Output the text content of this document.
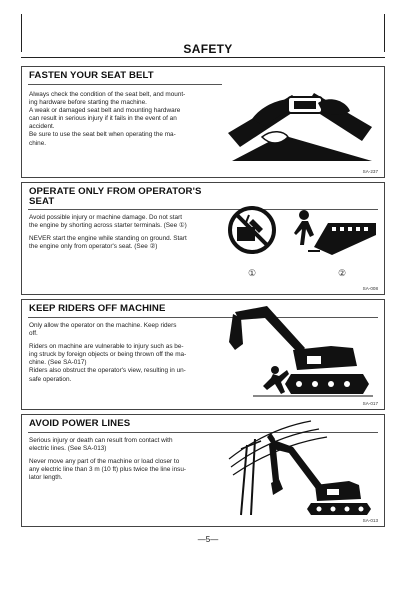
SAFETY
FASTEN YOUR SEAT BELT
Always check the condition of the seat belt, and mount-
ing hardware before starting the machine.
A weak or damaged seat belt and mounting hardware
can result in serious injury if it fails in the event of an
accident.
Be sure to use the seat belt when operating the ma-
chine.
SA-237
OPERATE ONLY FROM OPERATOR'S
SEAT
Avoid possible injury or machine damage. Do not start
the engine by shorting across starter terminals. (See ①)
NEVER start the engine while standing on ground. Start
the engine only from operator's seat. (See ②)
①	②
SA-008
KEEP RIDERS OFF MACHINE
Only allow the operator on the machine. Keep riders
off.
Riders on machine are vulnerable to injury such as be-
ing struck by foreign objects or being thrown off the ma-
chine. (See SA-017)
Riders also obstruct the operator's view, resulting in un-
safe operation.
SA-017
AVOID POWER LINES
Serious injury or death can result from contact with
electric lines. (See SA-013)
Never move any part of the machine or load closer to
any electric line than 3 m (10 ft) plus twice the line insu-
lator length.
SA-013
—5—
